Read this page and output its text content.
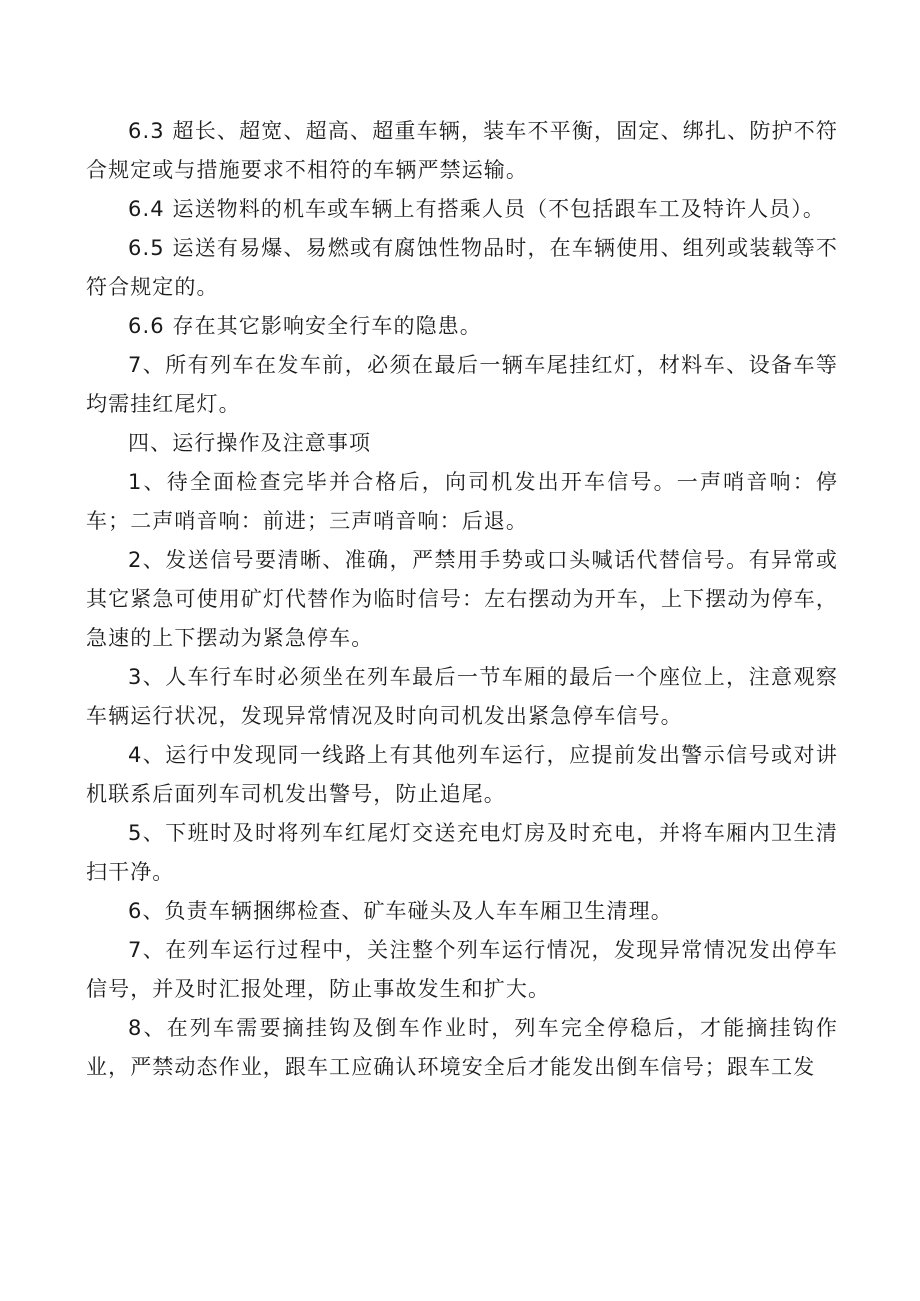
6.3 超长、超宽、超高、超重车辆，装车不平衡，固定、绑扎、防护不符合规定或与措施要求不相符的车辆严禁运输。

6.4 运送物料的机车或车辆上有搭乘人员（不包括跟车工及特许人员）。

6.5 运送有易爆、易燃或有腐蚀性物品时，在车辆使用、组列或装载等不符合规定的。

6.6 存在其它影响安全行车的隐患。

7、所有列车在发车前，必须在最后一辆车尾挂红灯，材料车、设备车等均需挂红尾灯。

四、运行操作及注意事项

1、待全面检查完毕并合格后，向司机发出开车信号。一声哨音响：停车；二声哨音响：前进；三声哨音响：后退。

2、发送信号要清晰、准确，严禁用手势或口头喊话代替信号。有异常或其它紧急可使用矿灯代替作为临时信号：左右摆动为开车，上下摆动为停车，急速的上下摆动为紧急停车。

3、人车行车时必须坐在列车最后一节车厢的最后一个座位上，注意观察车辆运行状况，发现异常情况及时向司机发出紧急停车信号。

4、运行中发现同一线路上有其他列车运行，应提前发出警示信号或对讲机联系后面列车司机发出警号，防止追尾。

5、下班时及时将列车红尾灯交送充电灯房及时充电，并将车厢内卫生清扫干净。

6、负责车辆捆绑检查、矿车碰头及人车车厢卫生清理。

7、在列车运行过程中，关注整个列车运行情况，发现异常情况发出停车信号，并及时汇报处理，防止事故发生和扩大。

8、在列车需要摘挂钩及倒车作业时，列车完全停稳后，才能摘挂钩作业，严禁动态作业，跟车工应确认环境安全后才能发出倒车信号；跟车工发
